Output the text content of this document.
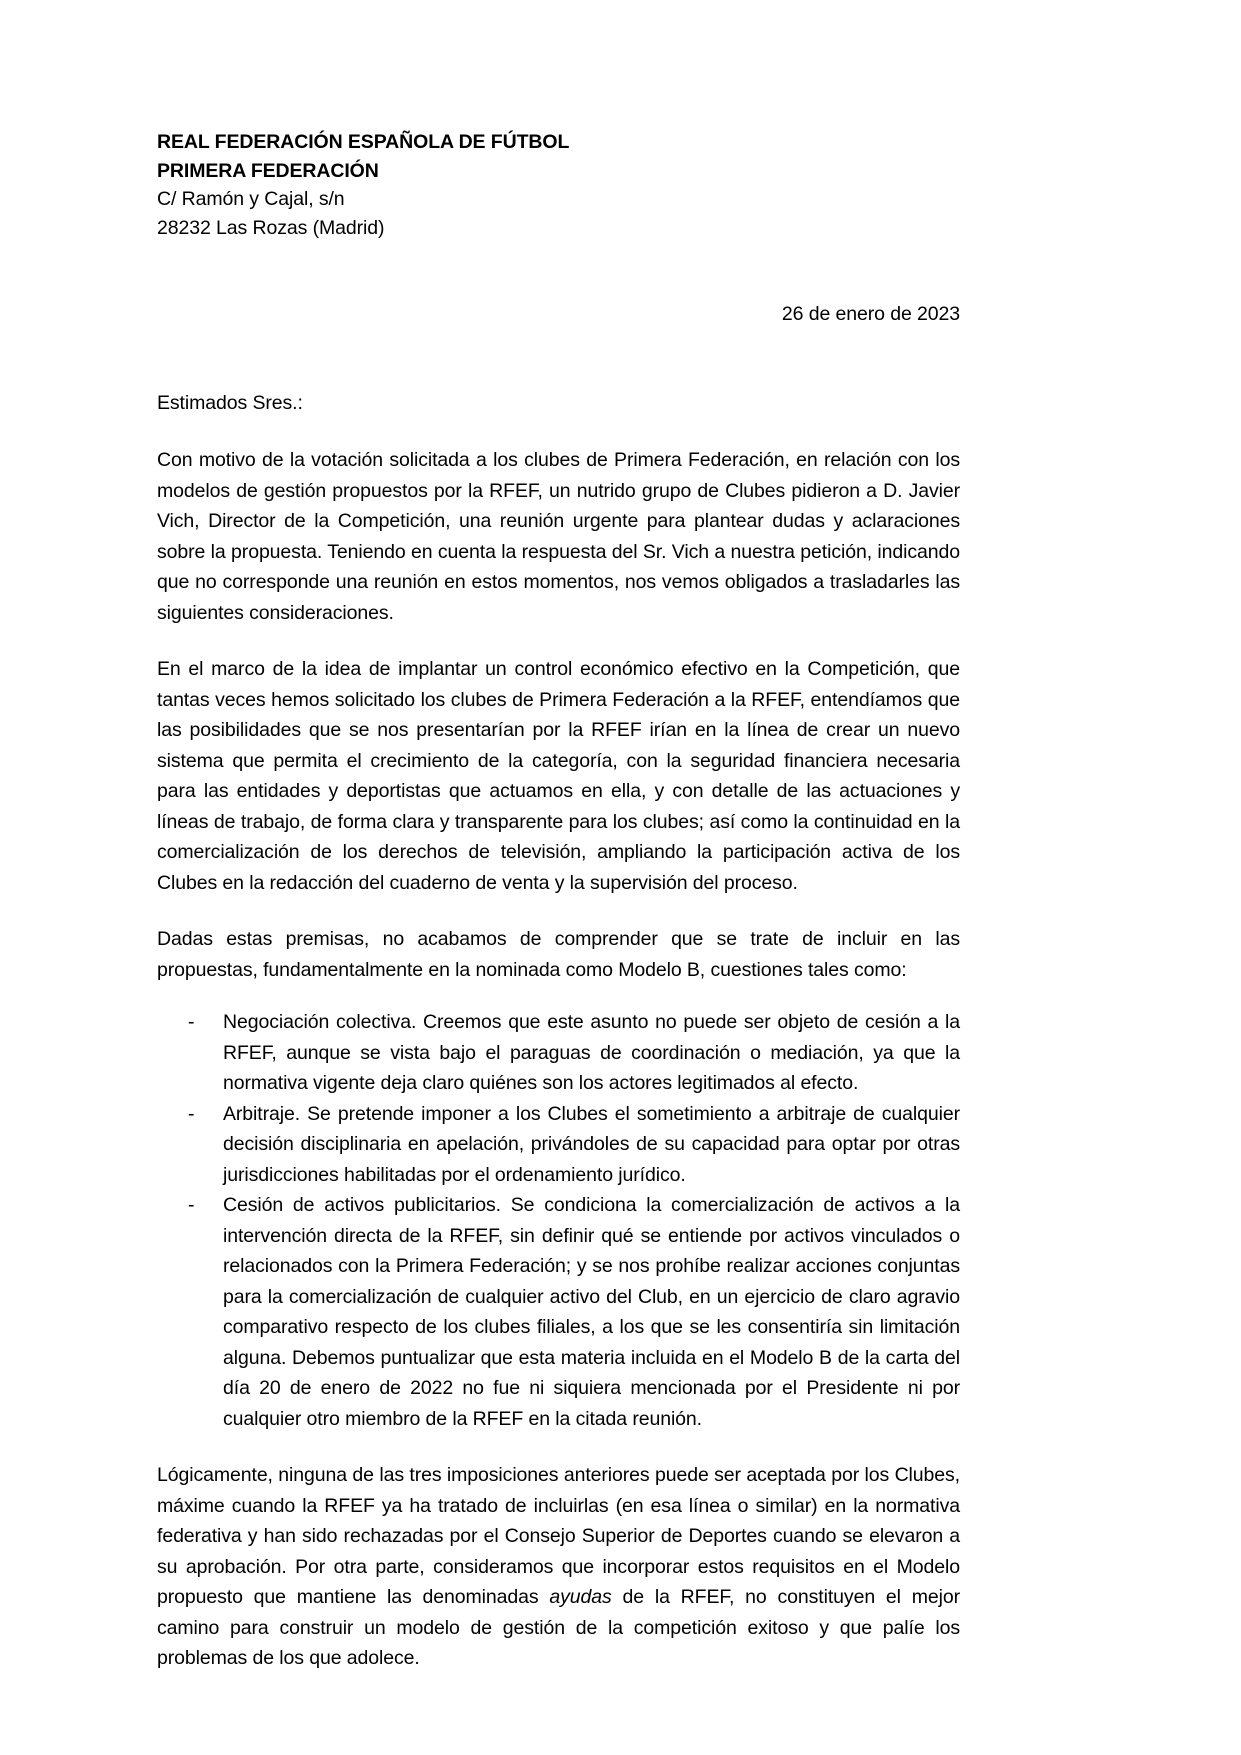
REAL FEDERACIÓN ESPAÑOLA DE FÚTBOL
PRIMERA FEDERACIÓN
C/ Ramón y Cajal, s/n
28232 Las Rozas (Madrid)
26 de enero de 2023
Estimados Sres.:

Con motivo de la votación solicitada a los clubes de Primera Federación, en relación con los modelos de gestión propuestos por la RFEF, un nutrido grupo de Clubes pidieron a D. Javier Vich, Director de la Competición, una reunión urgente para plantear dudas y aclaraciones sobre la propuesta. Teniendo en cuenta la respuesta del Sr. Vich a nuestra petición, indicando que no corresponde una reunión en estos momentos, nos vemos obligados a trasladarles las siguientes consideraciones.

En el marco de la idea de implantar un control económico efectivo en la Competición, que tantas veces hemos solicitado los clubes de Primera Federación a la RFEF, entendíamos que las posibilidades que se nos presentarían por la RFEF irían en la línea de crear un nuevo sistema que permita el crecimiento de la categoría, con la seguridad financiera necesaria para las entidades y deportistas que actuamos en ella, y con detalle de las actuaciones y líneas de trabajo, de forma clara y transparente para los clubes; así como la continuidad en la comercialización de los derechos de televisión, ampliando la participación activa de los Clubes en la redacción del cuaderno de venta y la supervisión del proceso.

Dadas estas premisas, no acabamos de comprender que se trate de incluir en las propuestas, fundamentalmente en la nominada como Modelo B, cuestiones tales como:

- Negociación colectiva. Creemos que este asunto no puede ser objeto de cesión a la RFEF, aunque se vista bajo el paraguas de coordinación o mediación, ya que la normativa vigente deja claro quiénes son los actores legitimados al efecto.
- Arbitraje. Se pretende imponer a los Clubes el sometimiento a arbitraje de cualquier decisión disciplinaria en apelación, privándoles de su capacidad para optar por otras jurisdicciones habilitadas por el ordenamiento jurídico.
- Cesión de activos publicitarios. Se condiciona la comercialización de activos a la intervención directa de la RFEF, sin definir qué se entiende por activos vinculados o relacionados con la Primera Federación; y se nos prohíbe realizar acciones conjuntas para la comercialización de cualquier activo del Club, en un ejercicio de claro agravio comparativo respecto de los clubes filiales, a los que se les consentiría sin limitación alguna. Debemos puntualizar que esta materia incluida en el Modelo B de la carta del día 20 de enero de 2022 no fue ni siquiera mencionada por el Presidente ni por cualquier otro miembro de la RFEF en la citada reunión.

Lógicamente, ninguna de las tres imposiciones anteriores puede ser aceptada por los Clubes, máxime cuando la RFEF ya ha tratado de incluirlas (en esa línea o similar) en la normativa federativa y han sido rechazadas por el Consejo Superior de Deportes cuando se elevaron a su aprobación. Por otra parte, consideramos que incorporar estos requisitos en el Modelo propuesto que mantiene las denominadas ayudas de la RFEF, no constituyen el mejor camino para construir un modelo de gestión de la competición exitoso y que palíe los problemas de los que adolece.
